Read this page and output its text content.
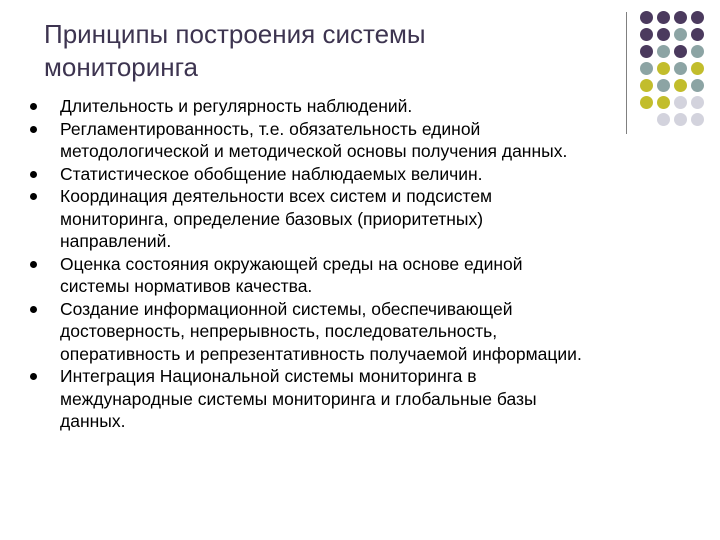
Принципы построения системы
мониторинга
Длительность и регулярность наблюдений.
Регламентированность, т.е. обязательность единой
методологической и методической основы получения данных.
Статистическое обобщение наблюдаемых величин.
Координация деятельности всех систем и подсистем
мониторинга, определение базовых (приоритетных)
направлений.
Оценка состояния окружающей среды на основе единой
системы нормативов качества.
Создание информационной системы, обеспечивающей
достоверность, непрерывность, последовательность,
оперативность и репрезентативность получаемой информации.
Интеграция Национальной системы мониторинга в
международные системы мониторинга и глобальные базы
данных.
